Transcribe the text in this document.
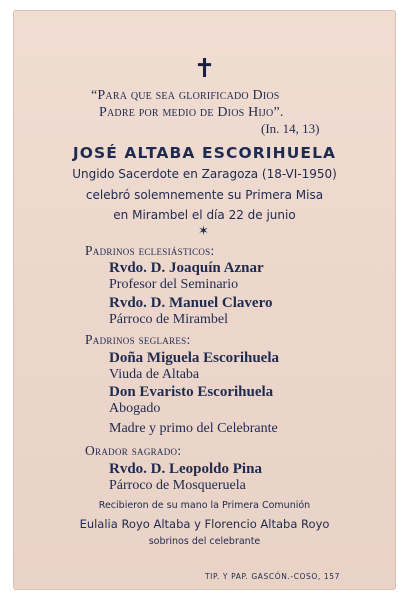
✝
“Para que sea glorificado Dios
Padre por medio de Dios Hijo”.
(In. 14, 13)
JOSÉ ALTABA ESCORIHUELA
Ungido Sacerdote en Zaragoza (18-VI-1950)
celebró solemnemente su Primera Misa
en Mirambel el día 22 de junio
✶
Padrinos eclesiásticos:
Rvdo. D. Joaquín Aznar
Profesor del Seminario
Rvdo. D. Manuel Clavero
Párroco de Mirambel
Padrinos seglares:
Doña Miguela Escorihuela
Viuda de Altaba
Don Evaristo Escorihuela
Abogado
Madre y primo del Celebrante
Orador sagrado:
Rvdo. D. Leopoldo Pina
Párroco de Mosqueruela
Recibieron de su mano la Primera Comunión
Eulalia Royo Altaba y Florencio Altaba Royo
sobrinos del celebrante
TIP. Y PAP. GASCÓN.-COSO, 157
